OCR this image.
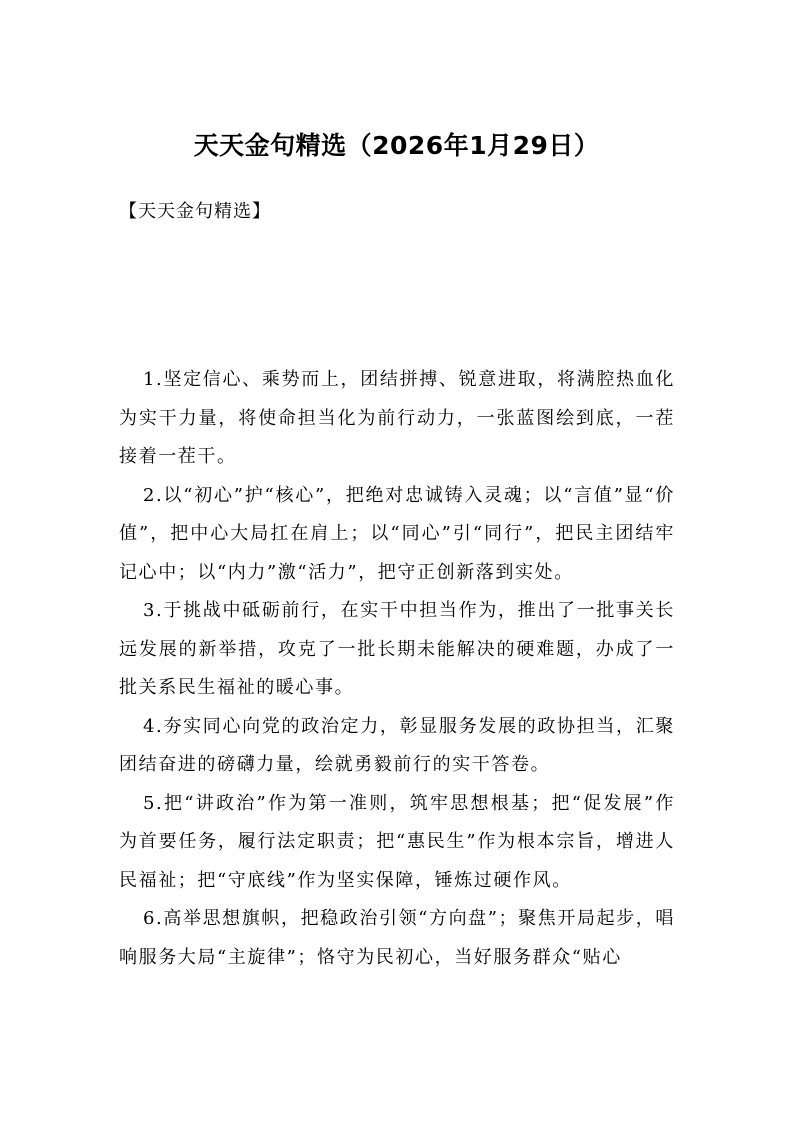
天天金句精选（2026年1月29日）

【天天金句精选】

1.坚定信心、乘势而上，团结拼搏、锐意进取，将满腔热血化为实干力量，将使命担当化为前行动力，一张蓝图绘到底，一茬接着一茬干。

2.以“初心”护“核心”，把绝对忠诚铸入灵魂；以“言值”显“价值”，把中心大局扛在肩上；以“同心”引“同行”，把民主团结牢记心中；以“内力”激“活力”，把守正创新落到实处。

3.于挑战中砥砺前行，在实干中担当作为，推出了一批事关长远发展的新举措，攻克了一批长期未能解决的硬难题，办成了一批关系民生福祉的暖心事。

4.夯实同心向党的政治定力，彰显服务发展的政协担当，汇聚团结奋进的磅礴力量，绘就勇毅前行的实干答卷。

5.把“讲政治”作为第一准则，筑牢思想根基；把“促发展”作为首要任务，履行法定职责；把“惠民生”作为根本宗旨，增进人民福祉；把“守底线”作为坚实保障，锤炼过硬作风。

6.高举思想旗帜，把稳政治引领“方向盘”；聚焦开局起步，唱响服务大局“主旋律”；恪守为民初心，当好服务群众“贴心
